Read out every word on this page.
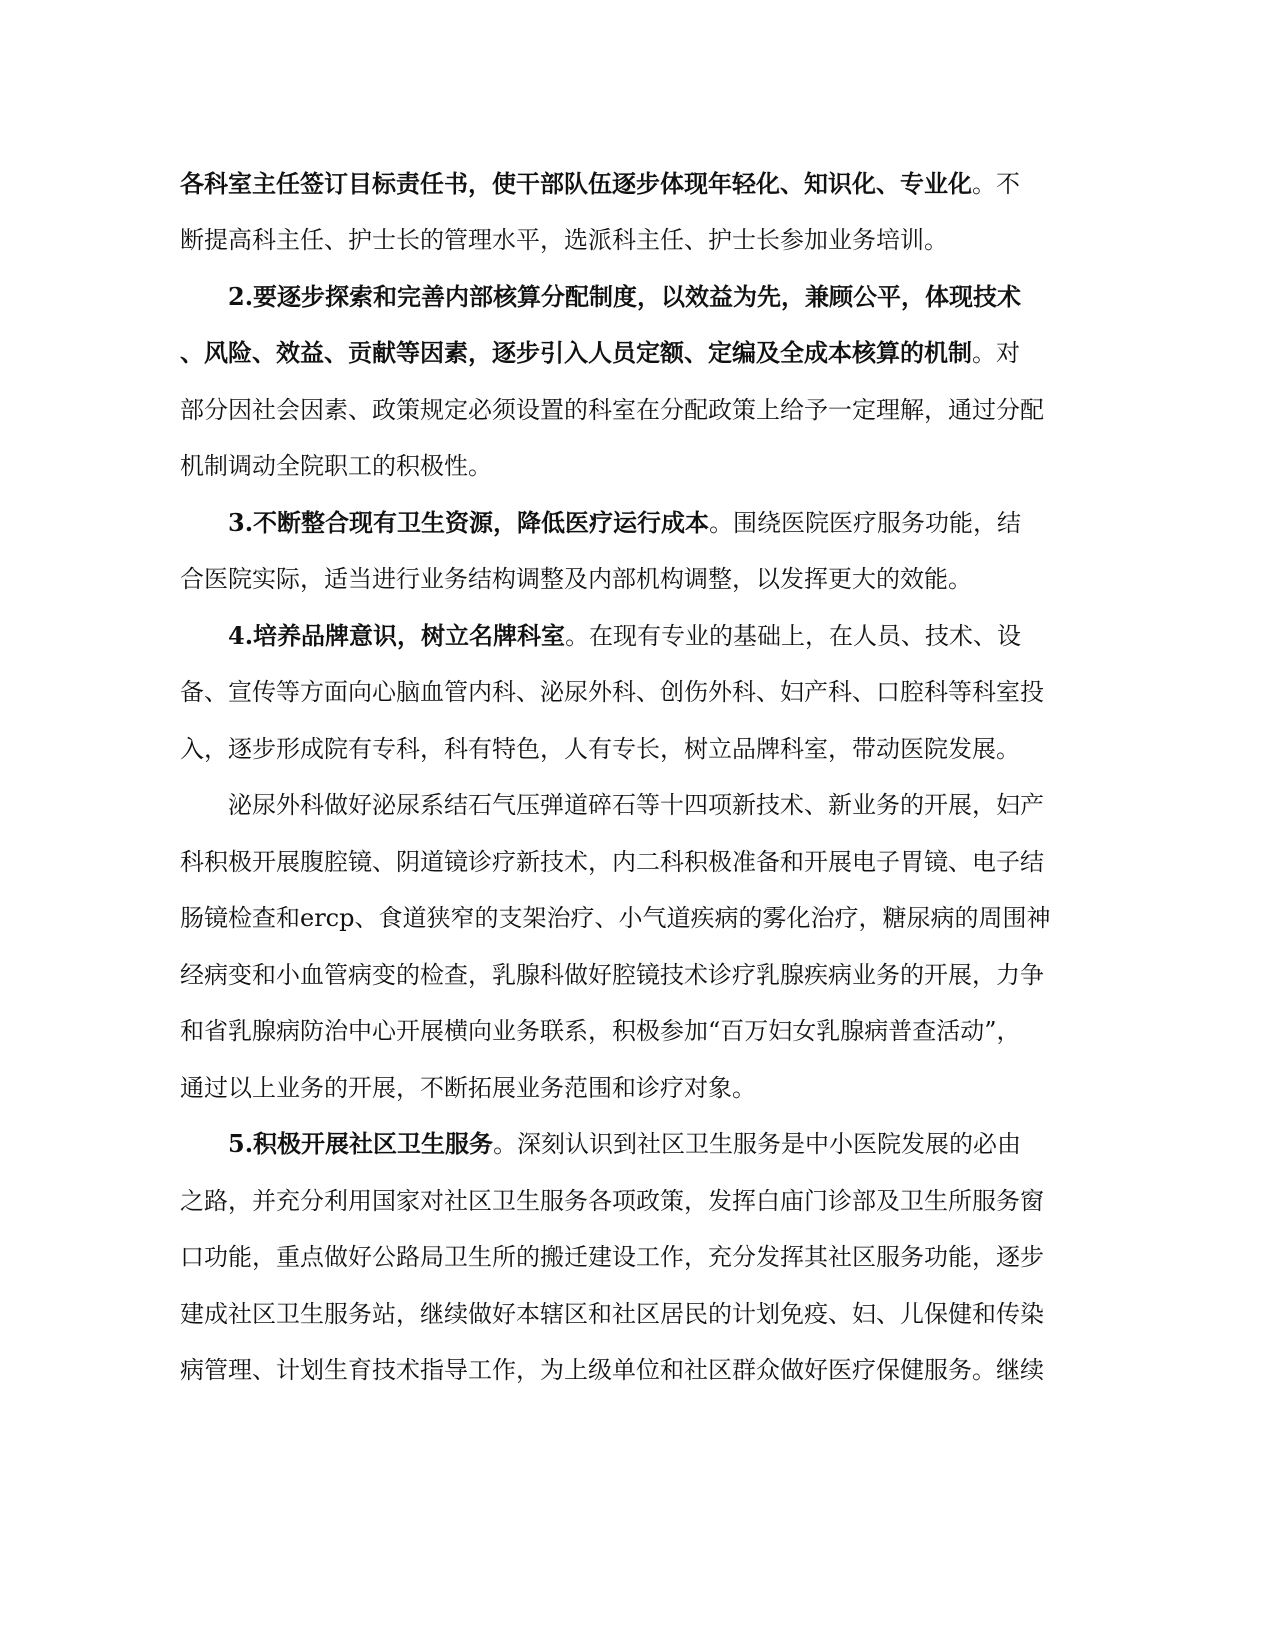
各科室主任签订目标责任书，使干部队伍逐步体现年轻化、知识化、专业化。不
断提高科主任、护士长的管理水平，选派科主任、护士长参加业务培训。
2.要逐步探索和完善内部核算分配制度，以效益为先，兼顾公平，体现技术
、风险、效益、贡献等因素，逐步引入人员定额、定编及全成本核算的机制。对
部分因社会因素、政策规定必须设置的科室在分配政策上给予一定理解，通过分配
机制调动全院职工的积极性。
3.不断整合现有卫生资源，降低医疗运行成本。围绕医院医疗服务功能，结
合医院实际，适当进行业务结构调整及内部机构调整，以发挥更大的效能。
4.培养品牌意识，树立名牌科室。在现有专业的基础上，在人员、技术、设
备、宣传等方面向心脑血管内科、泌尿外科、创伤外科、妇产科、口腔科等科室投
入，逐步形成院有专科，科有特色，人有专长，树立品牌科室，带动医院发展。
泌尿外科做好泌尿系结石气压弹道碎石等十四项新技术、新业务的开展，妇产
科积极开展腹腔镜、阴道镜诊疗新技术，内二科积极准备和开展电子胃镜、电子结
肠镜检查和ercp、食道狭窄的支架治疗、小气道疾病的雾化治疗，糖尿病的周围神
经病变和小血管病变的检查，乳腺科做好腔镜技术诊疗乳腺疾病业务的开展，力争
和省乳腺病防治中心开展横向业务联系，积极参加“百万妇女乳腺病普查活动”，
通过以上业务的开展，不断拓展业务范围和诊疗对象。
5.积极开展社区卫生服务。深刻认识到社区卫生服务是中小医院发展的必由
之路，并充分利用国家对社区卫生服务各项政策，发挥白庙门诊部及卫生所服务窗
口功能，重点做好公路局卫生所的搬迁建设工作，充分发挥其社区服务功能，逐步
建成社区卫生服务站，继续做好本辖区和社区居民的计划免疫、妇、儿保健和传染
病管理、计划生育技术指导工作，为上级单位和社区群众做好医疗保健服务。继续
